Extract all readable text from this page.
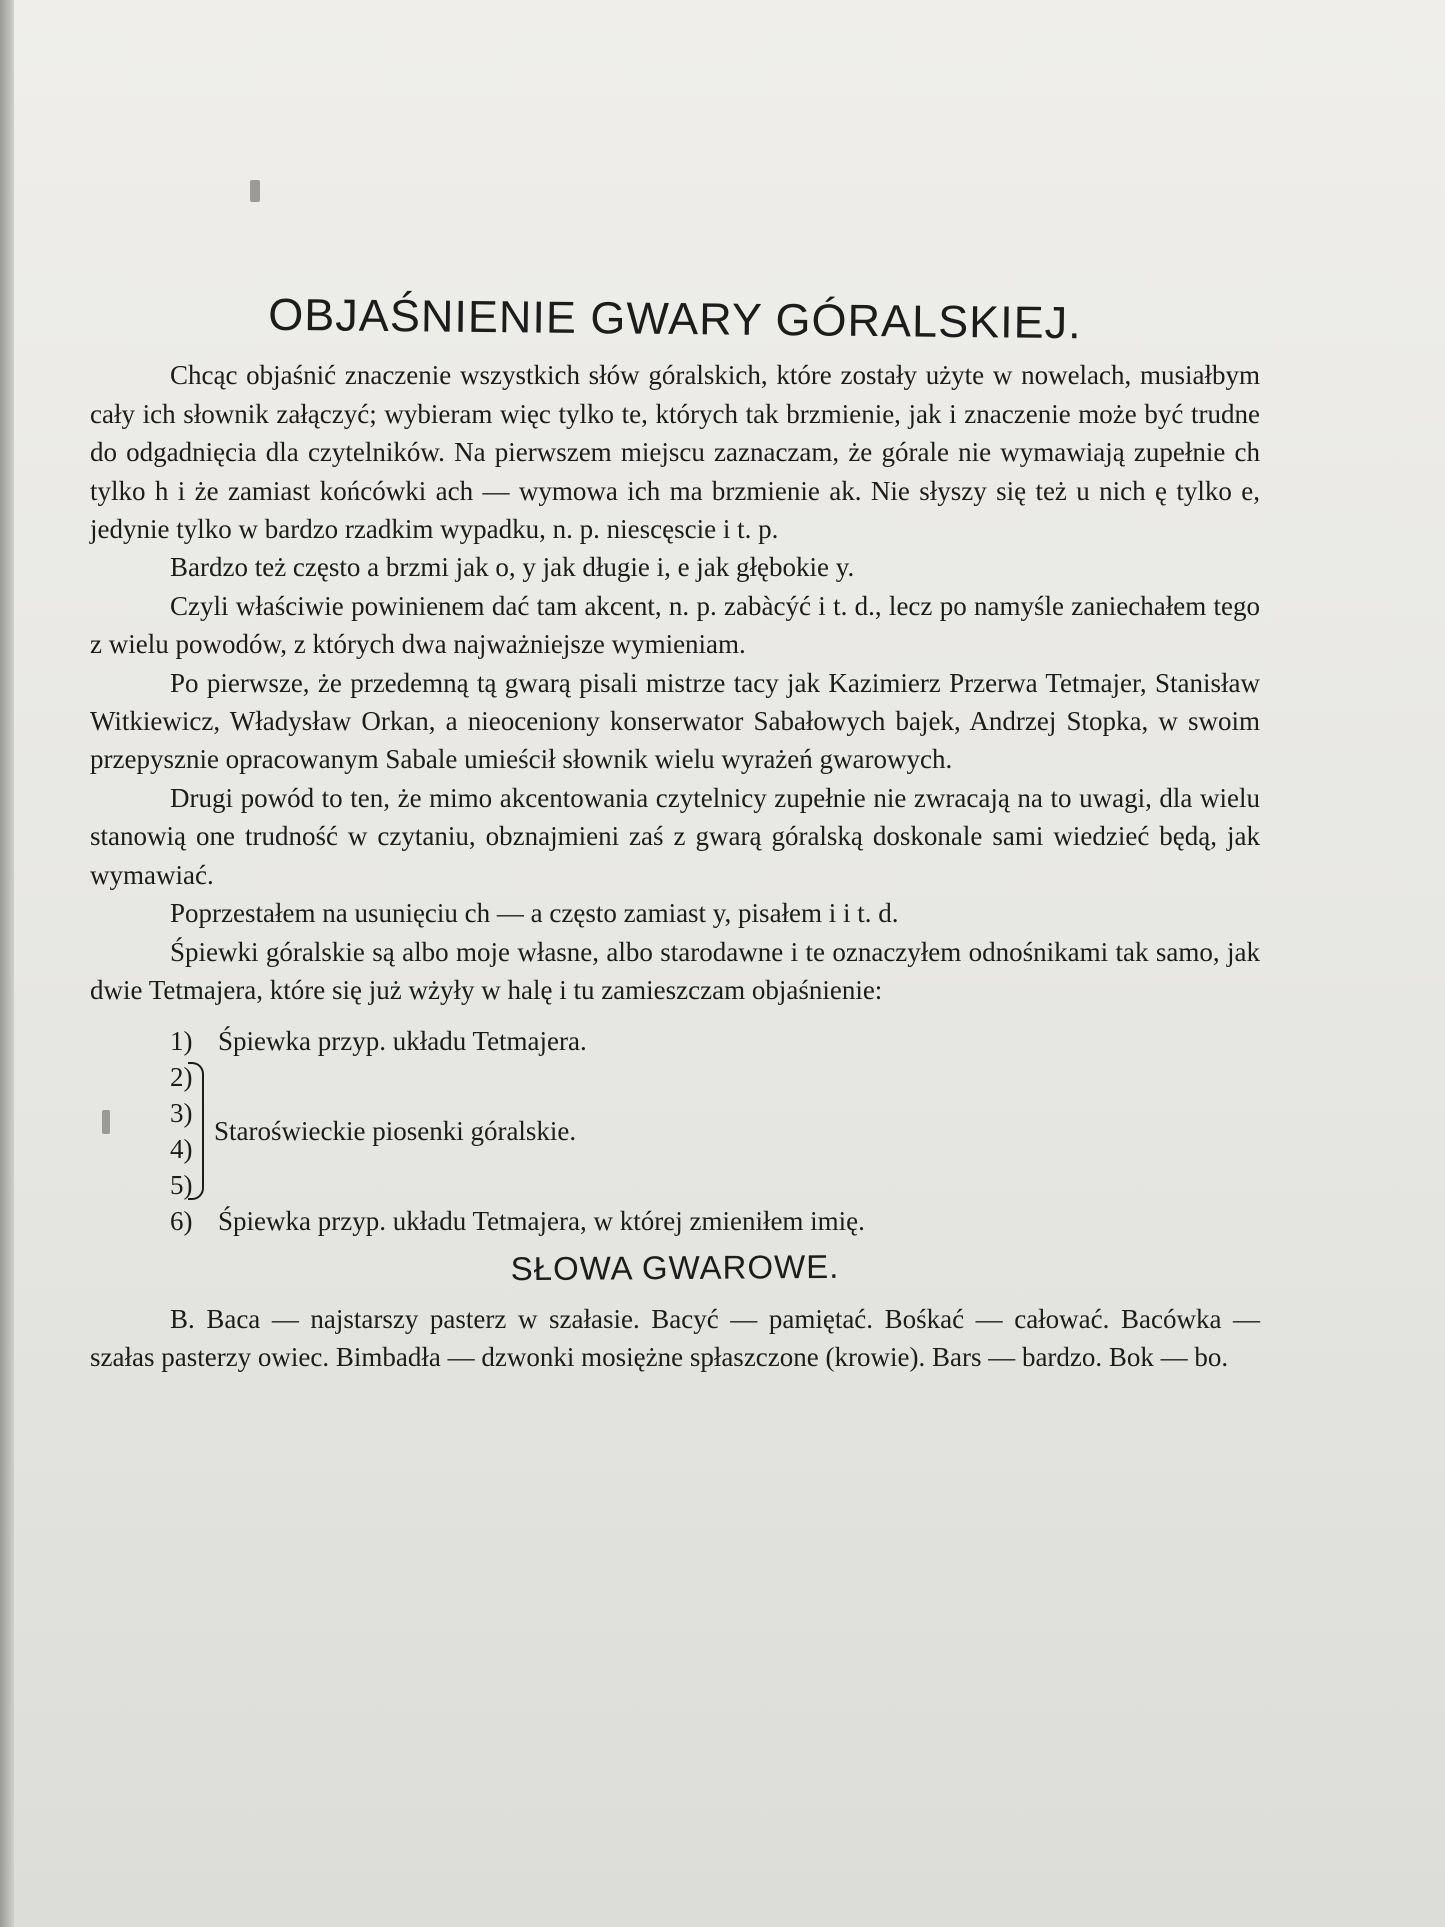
OBJAŚNIENIE GWARY GÓRALSKIEJ.

Chcąc objaśnić znaczenie wszystkich słów góralskich, które zostały użyte w nowelach, musiałbym cały ich słownik załączyć; wybieram więc tylko te, których tak brzmienie, jak i znaczenie może być trudne do odgadnięcia dla czytelników. Na pierwszem miejscu zaznaczam, że górale nie wymawiają zupełnie ch tylko h i że zamiast końcówki ach — wymowa ich ma brzmienie ak. Nie słyszy się też u nich ę tylko e, jedynie tylko w bardzo rzadkim wypadku, n. p. niescęscie i t. p.

Bardzo też często a brzmi jak o, y jak długie i, e jak głębokie y.

Czyli właściwie powinienem dać tam akcent, n. p. zabàcýć i t. d., lecz po namyśle zaniechałem tego z wielu powodów, z których dwa najważniejsze wymieniam.

Po pierwsze, że przedemną tą gwarą pisali mistrze tacy jak Kazimierz Przerwa Tetmajer, Stanisław Witkiewicz, Władysław Orkan, a nieoceniony konserwator Sabałowych bajek, Andrzej Stopka, w swoim przepysznie opracowanym Sabale umieścił słownik wielu wyrażeń gwarowych.

Drugi powód to ten, że mimo akcentowania czytelnicy zupełnie nie zwracają na to uwagi, dla wielu stanowią one trudność w czytaniu, obznajmieni zaś z gwarą góralską doskonale sami wiedzieć będą, jak wymawiać.

Poprzestałem na usunięciu ch — a często zamiast y, pisałem i i t. d.

Śpiewki góralskie są albo moje własne, albo starodawne i te oznaczyłem odnośnikami tak samo, jak dwie Tetmajera, które się już wżyły w halę i tu zamieszczam objaśnienie:

1) Śpiewka przyp. układu Tetmajera.
2)
3)
4)
5)
Staroświeckie piosenki góralskie.
6) Śpiewka przyp. układu Tetmajera, w której zmieniłem imię.
SŁOWA GWAROWE.

B. Baca — najstarszy pasterz w szałasie. Bacyć — pamiętać. Bośkać — całować. Bacówka — szałas pasterzy owiec. Bimbadła — dzwonki mosiężne spłaszczone (krowie). Bars — bardzo. Bok — bo.
